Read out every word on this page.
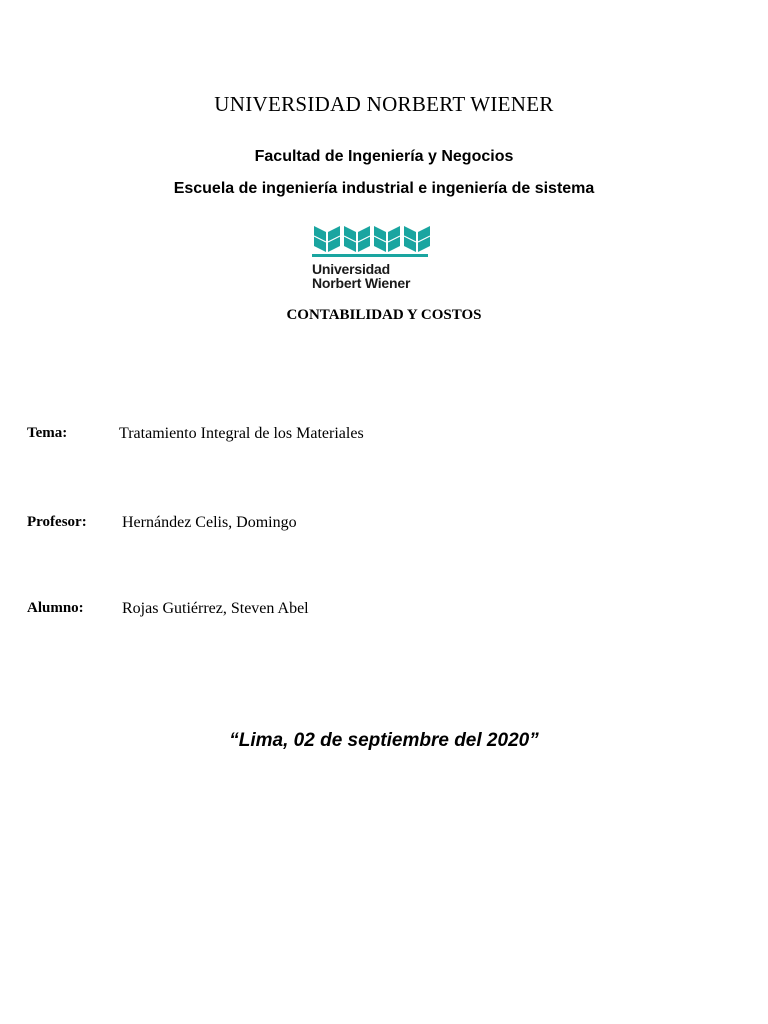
UNIVERSIDAD NORBERT WIENER
Facultad de Ingeniería y Negocios
Escuela de ingeniería industrial e ingeniería de sistema
Universidad
Norbert Wiener
CONTABILIDAD Y COSTOS
Tema:	Tratamiento Integral de los Materiales
Profesor: Hernández Celis, Domingo
Alumno: Rojas Gutiérrez, Steven Abel
“Lima, 02 de septiembre del 2020”
